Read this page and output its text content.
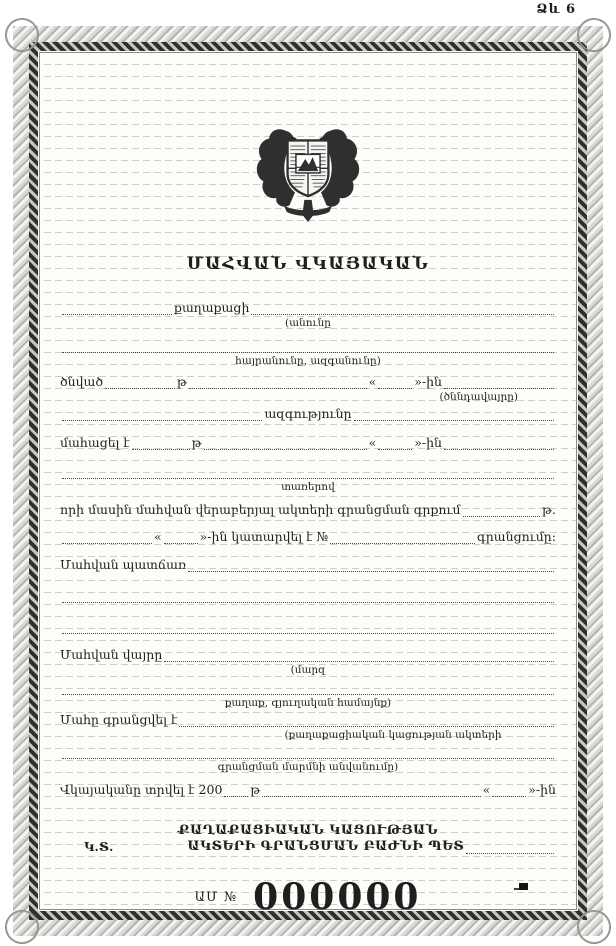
Ձև 6
ՄԱՀՎԱՆ ՎԿԱՅԱԿԱՆ
քաղաքացի
(անունը
հայրանունը, ազգանունը)
ծնված	թ	«	»-ին
(ծննդավայրը)
ազգությունը
մահացել է	թ	«	»-ին
տառերով
որի մասին մահվան վերաբերյալ ակտերի գրանցման գրքում	թ.
«	»-ին կատարվել է №	գրանցումը։
Մահվան պատճառ
Մահվան վայրը
(մարզ
քաղաք, գյուղական համայնք)
Մահը գրանցվել է
(քաղաքացիական կացության ակտերի
գրանցման մարմնի անվանումը)
Վկայականը տրվել է 200 թ	«	»-ին
ՔԱՂԱՔԱՑԻԱԿԱՆ ԿԱՑՈՒԹՅԱՆ
Կ.Տ.	ԱԿՏԵՐԻ ԳՐԱՆՑՄԱՆ ԲԱԺՆԻ ՊԵՏ
ԱՄ № 000000
